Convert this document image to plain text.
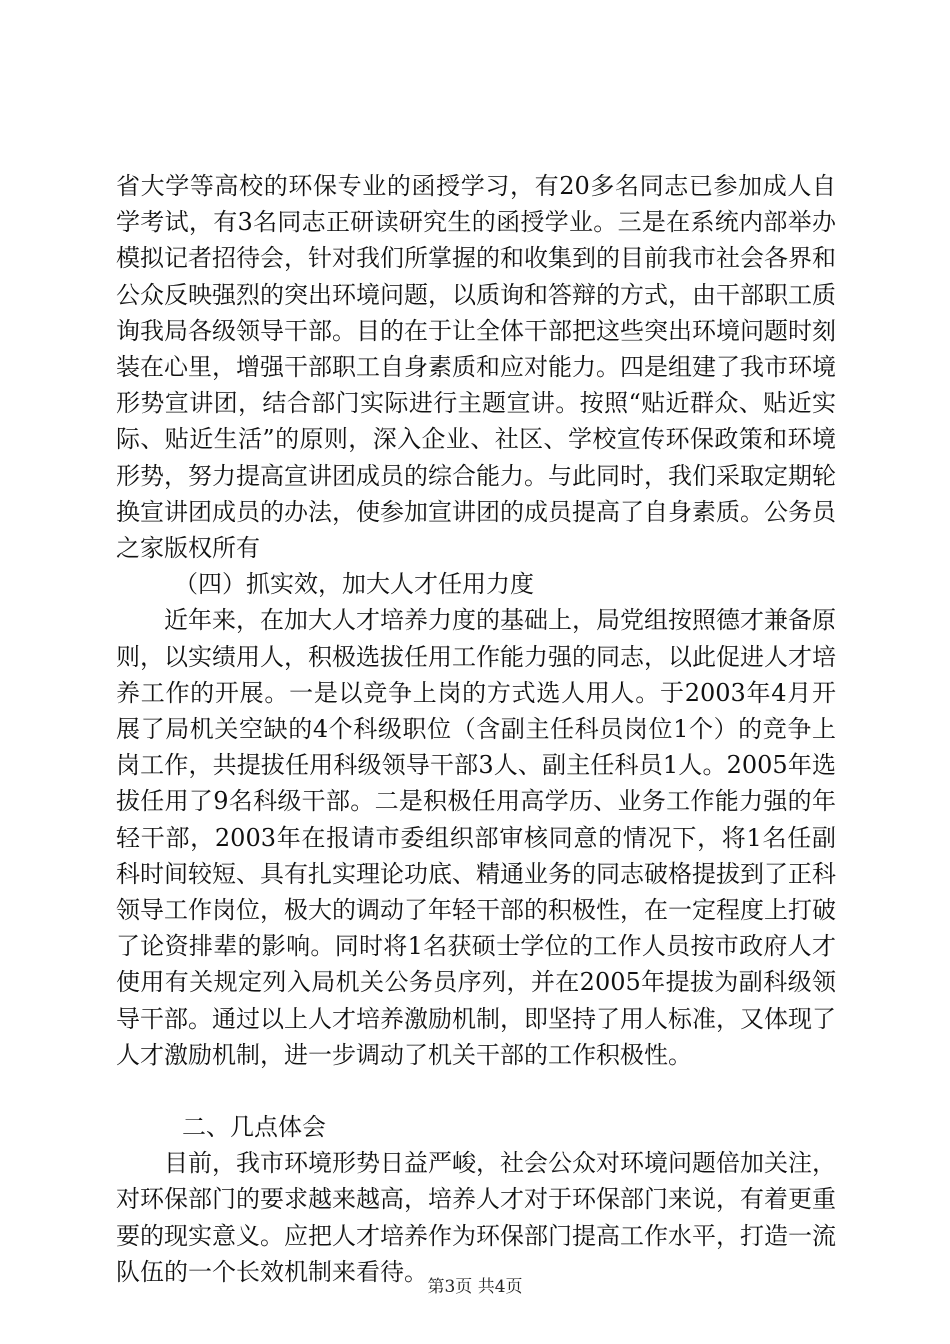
省大学等高校的环保专业的函授学习，有20多名同志已参加成人自学考试，有3名同志正研读研究生的函授学业。三是在系统内部举办模拟记者招待会，针对我们所掌握的和收集到的目前我市社会各界和公众反映强烈的突出环境问题，以质询和答辩的方式，由干部职工质询我局各级领导干部。目的在于让全体干部把这些突出环境问题时刻装在心里，增强干部职工自身素质和应对能力。四是组建了我市环境形势宣讲团，结合部门实际进行主题宣讲。按照“贴近群众、贴近实际、贴近生活”的原则，深入企业、社区、学校宣传环保政策和环境形势，努力提高宣讲团成员的综合能力。与此同时，我们采取定期轮换宣讲团成员的办法，使参加宣讲团的成员提高了自身素质。公务员之家版权所有

（四）抓实效，加大人才任用力度

近年来，在加大人才培养力度的基础上，局党组按照德才兼备原则，以实绩用人，积极选拔任用工作能力强的同志，以此促进人才培养工作的开展。一是以竞争上岗的方式选人用人。于2003年4月开展了局机关空缺的4个科级职位（含副主任科员岗位1个）的竞争上岗工作，共提拔任用科级领导干部3人、副主任科员1人。2005年选拔任用了9名科级干部。二是积极任用高学历、业务工作能力强的年轻干部，2003年在报请市委组织部审核同意的情况下，将1名任副科时间较短、具有扎实理论功底、精通业务的同志破格提拔到了正科领导工作岗位，极大的调动了年轻干部的积极性，在一定程度上打破了论资排辈的影响。同时将1名获硕士学位的工作人员按市政府人才使用有关规定列入局机关公务员序列，并在2005年提拔为副科级领导干部。通过以上人才培养激励机制，即坚持了用人标准，又体现了人才激励机制，进一步调动了机关干部的工作积极性。

二、几点体会

目前，我市环境形势日益严峻，社会公众对环境问题倍加关注，对环保部门的要求越来越高，培养人才对于环保部门来说，有着更重要的现实意义。应把人才培养作为环保部门提高工作水平，打造一流队伍的一个长效机制来看待。

第3页 共4页
